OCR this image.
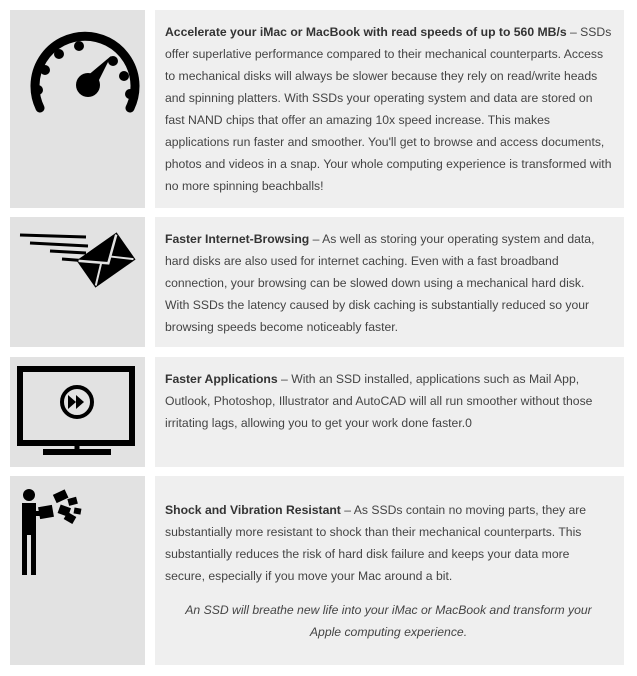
Accelerate your iMac or MacBook with read speeds of up to 560 MB/s – SSDs offer superlative performance compared to their mechanical counterparts. Access to mechanical disks will always be slower because they rely on read/write heads and spinning platters. With SSDs your operating system and data are stored on fast NAND chips that offer an amazing 10x speed increase. This makes applications run faster and smoother. You'll get to browse and access documents, photos and videos in a snap. Your whole computing experience is transformed with no more spinning beachballs!
Faster Internet-Browsing – As well as storing your operating system and data, hard disks are also used for internet caching. Even with a fast broadband connection, your browsing can be slowed down using a mechanical hard disk. With SSDs the latency caused by disk caching is substantially reduced so your browsing speeds become noticeably faster.
Faster Applications – With an SSD installed, applications such as Mail App, Outlook, Photoshop, Illustrator and AutoCAD will all run smoother without those irritating lags, allowing you to get your work done faster.0
Shock and Vibration Resistant – As SSDs contain no moving parts, they are substantially more resistant to shock than their mechanical counterparts. This substantially reduces the risk of hard disk failure and keeps your data more secure, especially if you move your Mac around a bit.
An SSD will breathe new life into your iMac or MacBook and transform your Apple computing experience.
